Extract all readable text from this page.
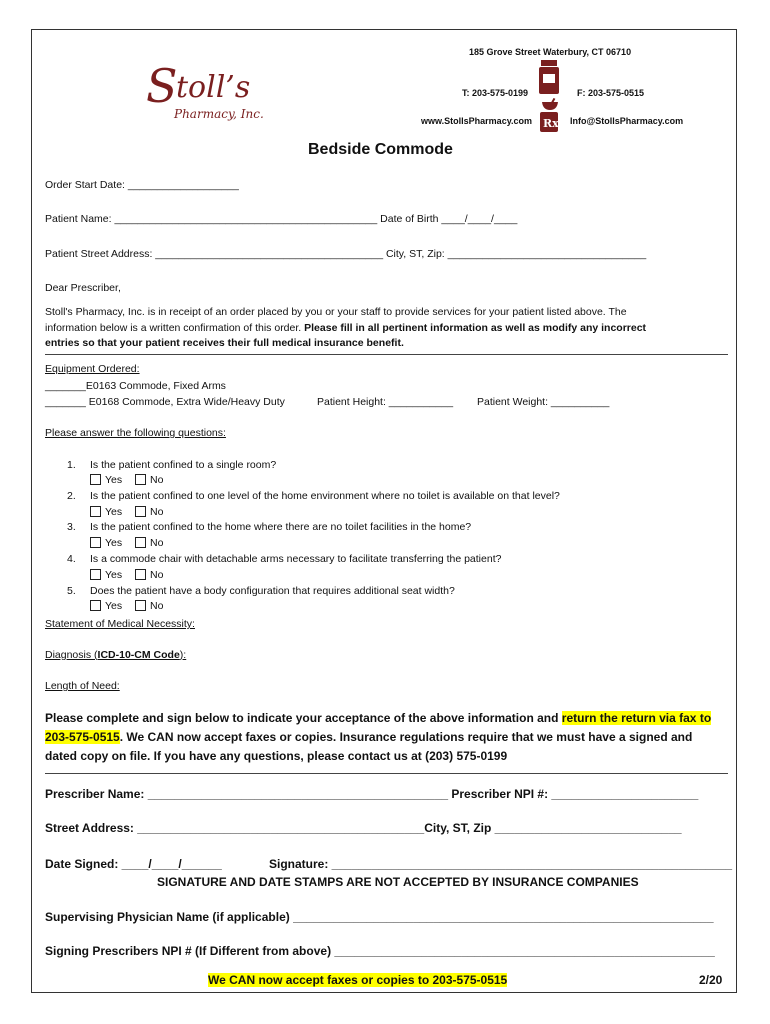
S
toll’s
Pharmacy, Inc.
185 Grove Street Waterbury, CT 06710
T: 203-575-0199	F: 203-575-0515
www.StollsPharmacy.com	Info@StollsPharmacy.com
Rx
Bedside Commode
Order Start Date: ___________________
Patient Name: _____________________________________________ Date of Birth ____/____/____
Patient Street Address: _______________________________________ City, ST, Zip: __________________________________
Dear Prescriber,
Stoll's Pharmacy, Inc. is in receipt of an order placed by you or your staff to provide services for your patient listed above. The
information below is a written confirmation of this order. Please fill in all pertinent information as well as modify any incorrect
entries so that your patient receives their full medical insurance benefit.
Equipment Ordered:
_______E0163 Commode, Fixed Arms
_______ E0168 Commode, Extra Wide/Heavy Duty	Patient Height: ___________ Patient Weight: __________
Please answer the following questions:
1. Is the patient confined to a single room?
Yes	No
2. Is the patient confined to one level of the home environment where no toilet is available on that level?
Yes	No
3. Is the patient confined to the home where there are no toilet facilities in the home?
Yes	No
4. Is a commode chair with detachable arms necessary to facilitate transferring the patient?
Yes	No
5. Does the patient have a body configuration that requires additional seat width?
Yes	No
Statement of Medical Necessity:
Diagnosis (ICD-10-CM Code):
Length of Need:
Please complete and sign below to indicate your acceptance of the above information and return the return via fax to
203-575-0515. We CAN now accept faxes or copies. Insurance regulations require that we must have a signed and
dated copy on file. If you have any questions, please contact us at (203) 575-0199
Prescriber Name: _____________________________________________ Prescriber NPI #: ______________________
Street Address: ___________________________________________City, ST, Zip ____________________________
Date Signed: ____/____/______	Signature: ____________________________________________________________
SIGNATURE AND DATE STAMPS ARE NOT ACCEPTED BY INSURANCE COMPANIES
Supervising Physician Name (if applicable) _______________________________________________________________
Signing Prescribers NPI # (If Different from above) _________________________________________________________
We CAN now accept faxes or copies to 203-575-0515	2/20
